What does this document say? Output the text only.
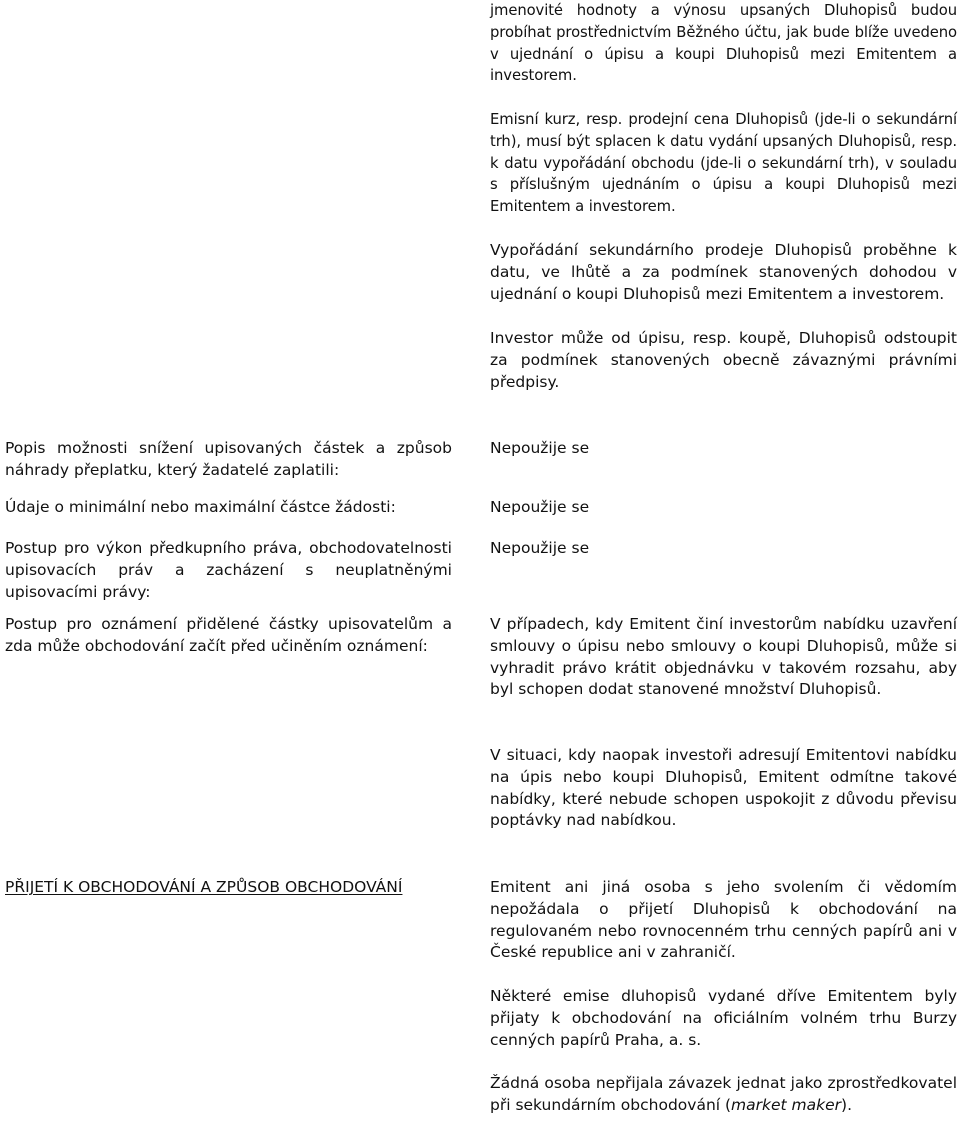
jmenovité hodnoty a výnosu upsaných Dluhopisů budou probíhat prostřednictvím Běžného účtu, jak bude blíže uvedeno v ujednání o úpisu a koupi Dluhopisů mezi Emitentem a investorem.

Emisní kurz, resp. prodejní cena Dluhopisů (jde-li o sekundární trh), musí být splacen k datu vydání upsaných Dluhopisů, resp. k datu vypořádání obchodu (jde-li o sekundární trh), v souladu s příslušným ujednáním o úpisu a koupi Dluhopisů mezi Emitentem a investorem.

Vypořádání sekundárního prodeje Dluhopisů proběhne k datu, ve lhůtě a za podmínek stanovených dohodou v ujednání o koupi Dluhopisů mezi Emitentem a investorem.

Investor může od úpisu, resp. koupě, Dluhopisů odstoupit za podmínek stanovených obecně závaznými právními předpisy.

Popis možnosti snížení upisovaných částek a způsob náhrady přeplatku, který žadatelé zaplatili:

Nepoužije se

Údaje o minimální nebo maximální částce žádosti:	Nepoužije se

Postup pro výkon předkupního práva, obchodovatelnosti upisovacích práv a zacházení s neuplatněnými upisovacími právy:

Nepoužije se

Postup pro oznámení přidělené částky upisovatelům a zda může obchodování začít před učiněním oznámení:

V případech, kdy Emitent činí investorům nabídku uzavření smlouvy o úpisu nebo smlouvy o koupi Dluhopisů, může si vyhradit právo krátit objednávku v takovém rozsahu, aby byl schopen dodat stanovené množství Dluhopisů.

V situaci, kdy naopak investoři adresují Emitentovi nabídku na úpis nebo koupi Dluhopisů, Emitent odmítne takové nabídky, které nebude schopen uspokojit z důvodu převisu poptávky nad nabídkou.

PŘIJETÍ K OBCHODOVÁNÍ A ZPŮSOB OBCHODOVÁNÍ	Emitent ani jiná osoba s jeho svolením či vědomím nepožádala o přijetí Dluhopisů k obchodování na regulovaném nebo rovnocenném trhu cenných papírů ani v České republice ani v zahraničí.

Některé emise dluhopisů vydané dříve Emitentem byly přijaty k obchodování na oficiálním volném trhu Burzy cenných papírů Praha, a. s.

Žádná osoba nepřijala závazek jednat jako zprostředkovatel při sekundárním obchodování (market maker).
